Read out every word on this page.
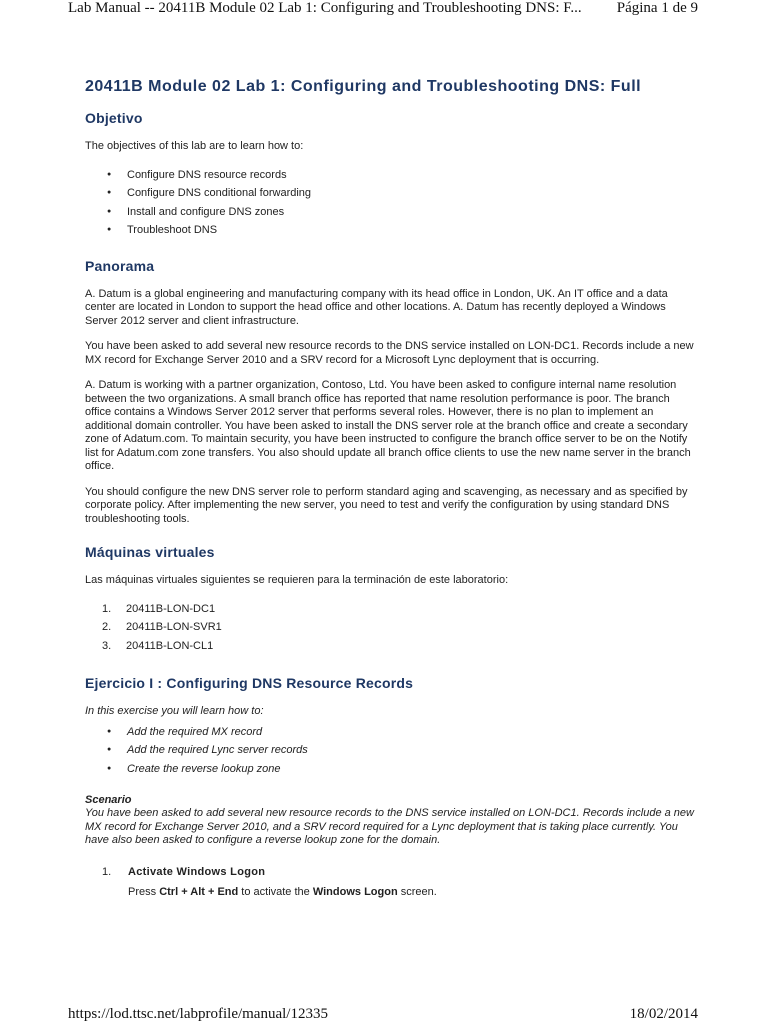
Lab Manual -- 20411B Module 02 Lab 1: Configuring and Troubleshooting DNS: F... Página 1 de 9
20411B Module 02 Lab 1: Configuring and Troubleshooting DNS: Full
Objetivo

The objectives of this lab are to learn how to:

● Configure DNS resource records
● Configure DNS conditional forwarding
● Install and configure DNS zones
● Troubleshoot DNS
Panorama

A. Datum is a global engineering and manufacturing company with its head office in London, UK. An IT office and a data center are located in London to support the head office and other locations. A. Datum has recently deployed a Windows Server 2012 server and client infrastructure.

You have been asked to add several new resource records to the DNS service installed on LON-DC1. Records include a new MX record for Exchange Server 2010 and a SRV record for a Microsoft Lync deployment that is occurring.

A. Datum is working with a partner organization, Contoso, Ltd. You have been asked to configure internal name resolution between the two organizations. A small branch office has reported that name resolution performance is poor. The branch office contains a Windows Server 2012 server that performs several roles. However, there is no plan to implement an additional domain controller. You have been asked to install the DNS server role at the branch office and create a secondary zone of Adatum.com. To maintain security, you have been instructed to configure the branch office server to be on the Notify list for Adatum.com zone transfers. You also should update all branch office clients to use the new name server in the branch office.

You should configure the new DNS server role to perform standard aging and scavenging, as necessary and as specified by corporate policy. After implementing the new server, you need to test and verify the configuration by using standard DNS troubleshooting tools.

Máquinas virtuales

Las máquinas virtuales siguientes se requieren para la terminación de este laboratorio:

1. 20411B-LON-DC1
2. 20411B-LON-SVR1
3. 20411B-LON-CL1
Ejercicio I : Configuring DNS Resource Records

In this exercise you will learn how to:

● Add the required MX record
● Add the required Lync server records
● Create the reverse lookup zone

Scenario

You have been asked to add several new resource records to the DNS service installed on LON-DC1. Records include a new MX record for Exchange Server 2010, and a SRV record required for a Lync deployment that is taking place currently. You have also been asked to configure a reverse lookup zone for the domain.

1. Activate Windows Logon
Press Ctrl + Alt + End to activate the Windows Logon screen.
https://lod.ttsc.net/labprofile/manual/12335	18/02/2014
